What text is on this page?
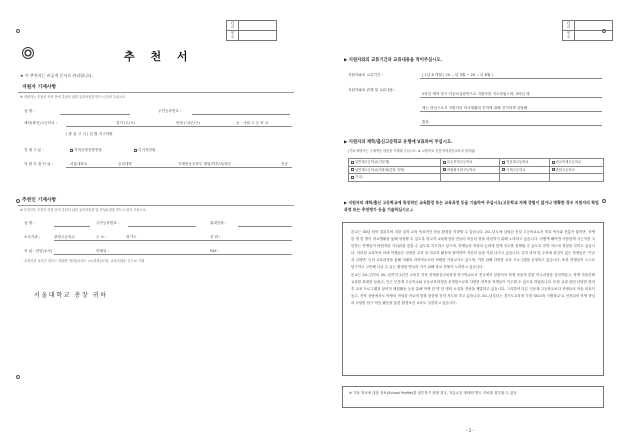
관 리	
번 호	
추 천 서
★ 이 추천서는 비공개 문서로 관리됩니다.
지원자 기재사항
※ 지원자는 추천서 작성 전에 추천서 관련 유의사항을 반드시 읽어 주십시오.
성 명 :	주민등록번호 :
재학(출신)고등학교 :	경기 (도/시)	안양 (시/군/구)	공 · 사립 고 등 학 교
( 졸 업 고 시 ) 년 월 지구학원
전 형 구 분 :	지역균형선발전형	특기자전형
지 원 모 집 단 위 :	서울대학교	공과대학	기계항공공학부 계열/학부/과/과군	전공
추천인 기재사항
※ 추천인은 추천서 작성 전에 추천서 관련 유의사항을 및 작성요령을 반드시 읽어 주십시오.
성 명 :	주민등록번호 :	휴대전화 :
소속기관 :	관양고등학교	주 소 :	경기도	전 화 :
직 위 : 담임(교사)	이메일 :	FAX :
- 추천인의 교사인 경우는 직위를 "담임(교사)", ○○부장(교사), 교사(인솔)" 등으로 기재
서울대학교 총장 귀하
관 리	
번 호	
▶ 지원자와의 교류기간과 교류내용을 적어주십시오.
지원자와의 교류기간 :	( 1년 8 개월 ( 20 -- 년 3월 ~ 20 -- 년 8월 )
지원자와의 관계 및 교류내용 :
2학년 재학 당시 이공과심화반으로 지원자를 지도하였으며, 3학년 때
에는 담임으로서 지원자의 학교생활과 진학에 대해 진지하게 상담해
왔음.
▶ 지원자의 재학/출신고등학교 유형에 V표하여 주십시오.
(기타 해당자는 구체적인 내용을 기재해 주십시오. ★ 교원학교 중점 학력관련교육과 참작됨)
일반계고등학교(인문계)	특수목적고등학교	전문계고등학교	외국어계고등학교
일반계고등학교(자율형/중점 지역)	자립형사립고등학교	국제고등학교	종합고등학교
기 타			
▶ 지원자의 재학/출신 고등학교에 특징적인 교육환경 또는 교육과정 등을 기술하여 주십시오(고등학교 자체 경험이 없거나 명확한 경우 지원자의 학업과정 또는 추천평가 등을 기술하십시오.)

본교는 00년 남북 결과부에 의한 입학 교육 목표적인 학습 환경을 지향할 수 있습니다. 20--년도에 설립된 신설 고등학교로서 비록 역사와 전통은 짧지만, 학생 한 명 한 명이 학교생활을 통해 성장할 수 있도록 하고자 교육환경을 만들어 학습의 장을 마련하기 위해 노력하고 있습니다. 어떻게 해야만 사람답게 사는지를 고민하는 학생들이 바람직한 가치관을 갖출 수 있도록 지도하고 있으며, 학생들의 적성과 능력에 맞게 진로를 선택할 수 있도록 진학 지도에 정성을 다하고 있습니다. 이러한 교육목표 하에 학생들은 다양한 교과 및 비교과 활동에 참여하여 자신의 꿈을 키워 나가고 있습니다. 특히 과학 및 수학에 관심이 있는 학생들은 '이공과 심화반' 등의 교육과정을 통해 미래의 과학자로서의 역량을 키워나가고 있으며, 이를 위해 다양한 교육 프로그램을 운영하고 있습니다. 또한 학생들이 스스로 탐구하고 고민해 나갈 수 있는 환경을 만들어 가기 위해 학교 전체가 노력하고 있습니다.

본교는 20--년부터 20--년까지 2년간 교육부 지정 선택중심교육과정 연구학교로서 전국에서 앞장서서 학생 자율적 맞춤 이수과정을 실천하였고, 학생 자율선택 교과를 최대한 늘렸고, 인근 인문계 고등학교와 공동교육과정을 운영함으로써 다양한 과목을 학생들이 이수할 수 있도록 하였습니다. 또한 교과 관련 다양한 방과후 교육 프로그램과 창의적 체험활동 등을 통해 학생 한 명 한 명의 소질과 적성을 계발하고 있습니다. 그리하여 다른 인문계 고등학교보다 학생들의 학습 의욕이 높고, 진학 상담에서도 학생의 적성과 진로에 맞춘 맞춤형 진학 지도를 하고 있습니다. 20--년부터는 경기도교육청 지정 '00교육 시범학교'로 선정되어 학생 중심의 다양한 탐구 학습 활동을 통한 환경보전 교육도 실천하고 있습니다.

※ 기타 학교에 대한 정보(School Profile)를 첨부하기 원할 경우, 자유로운 형태의 별도 자료를 첨부할 수 있음
- 1 -
